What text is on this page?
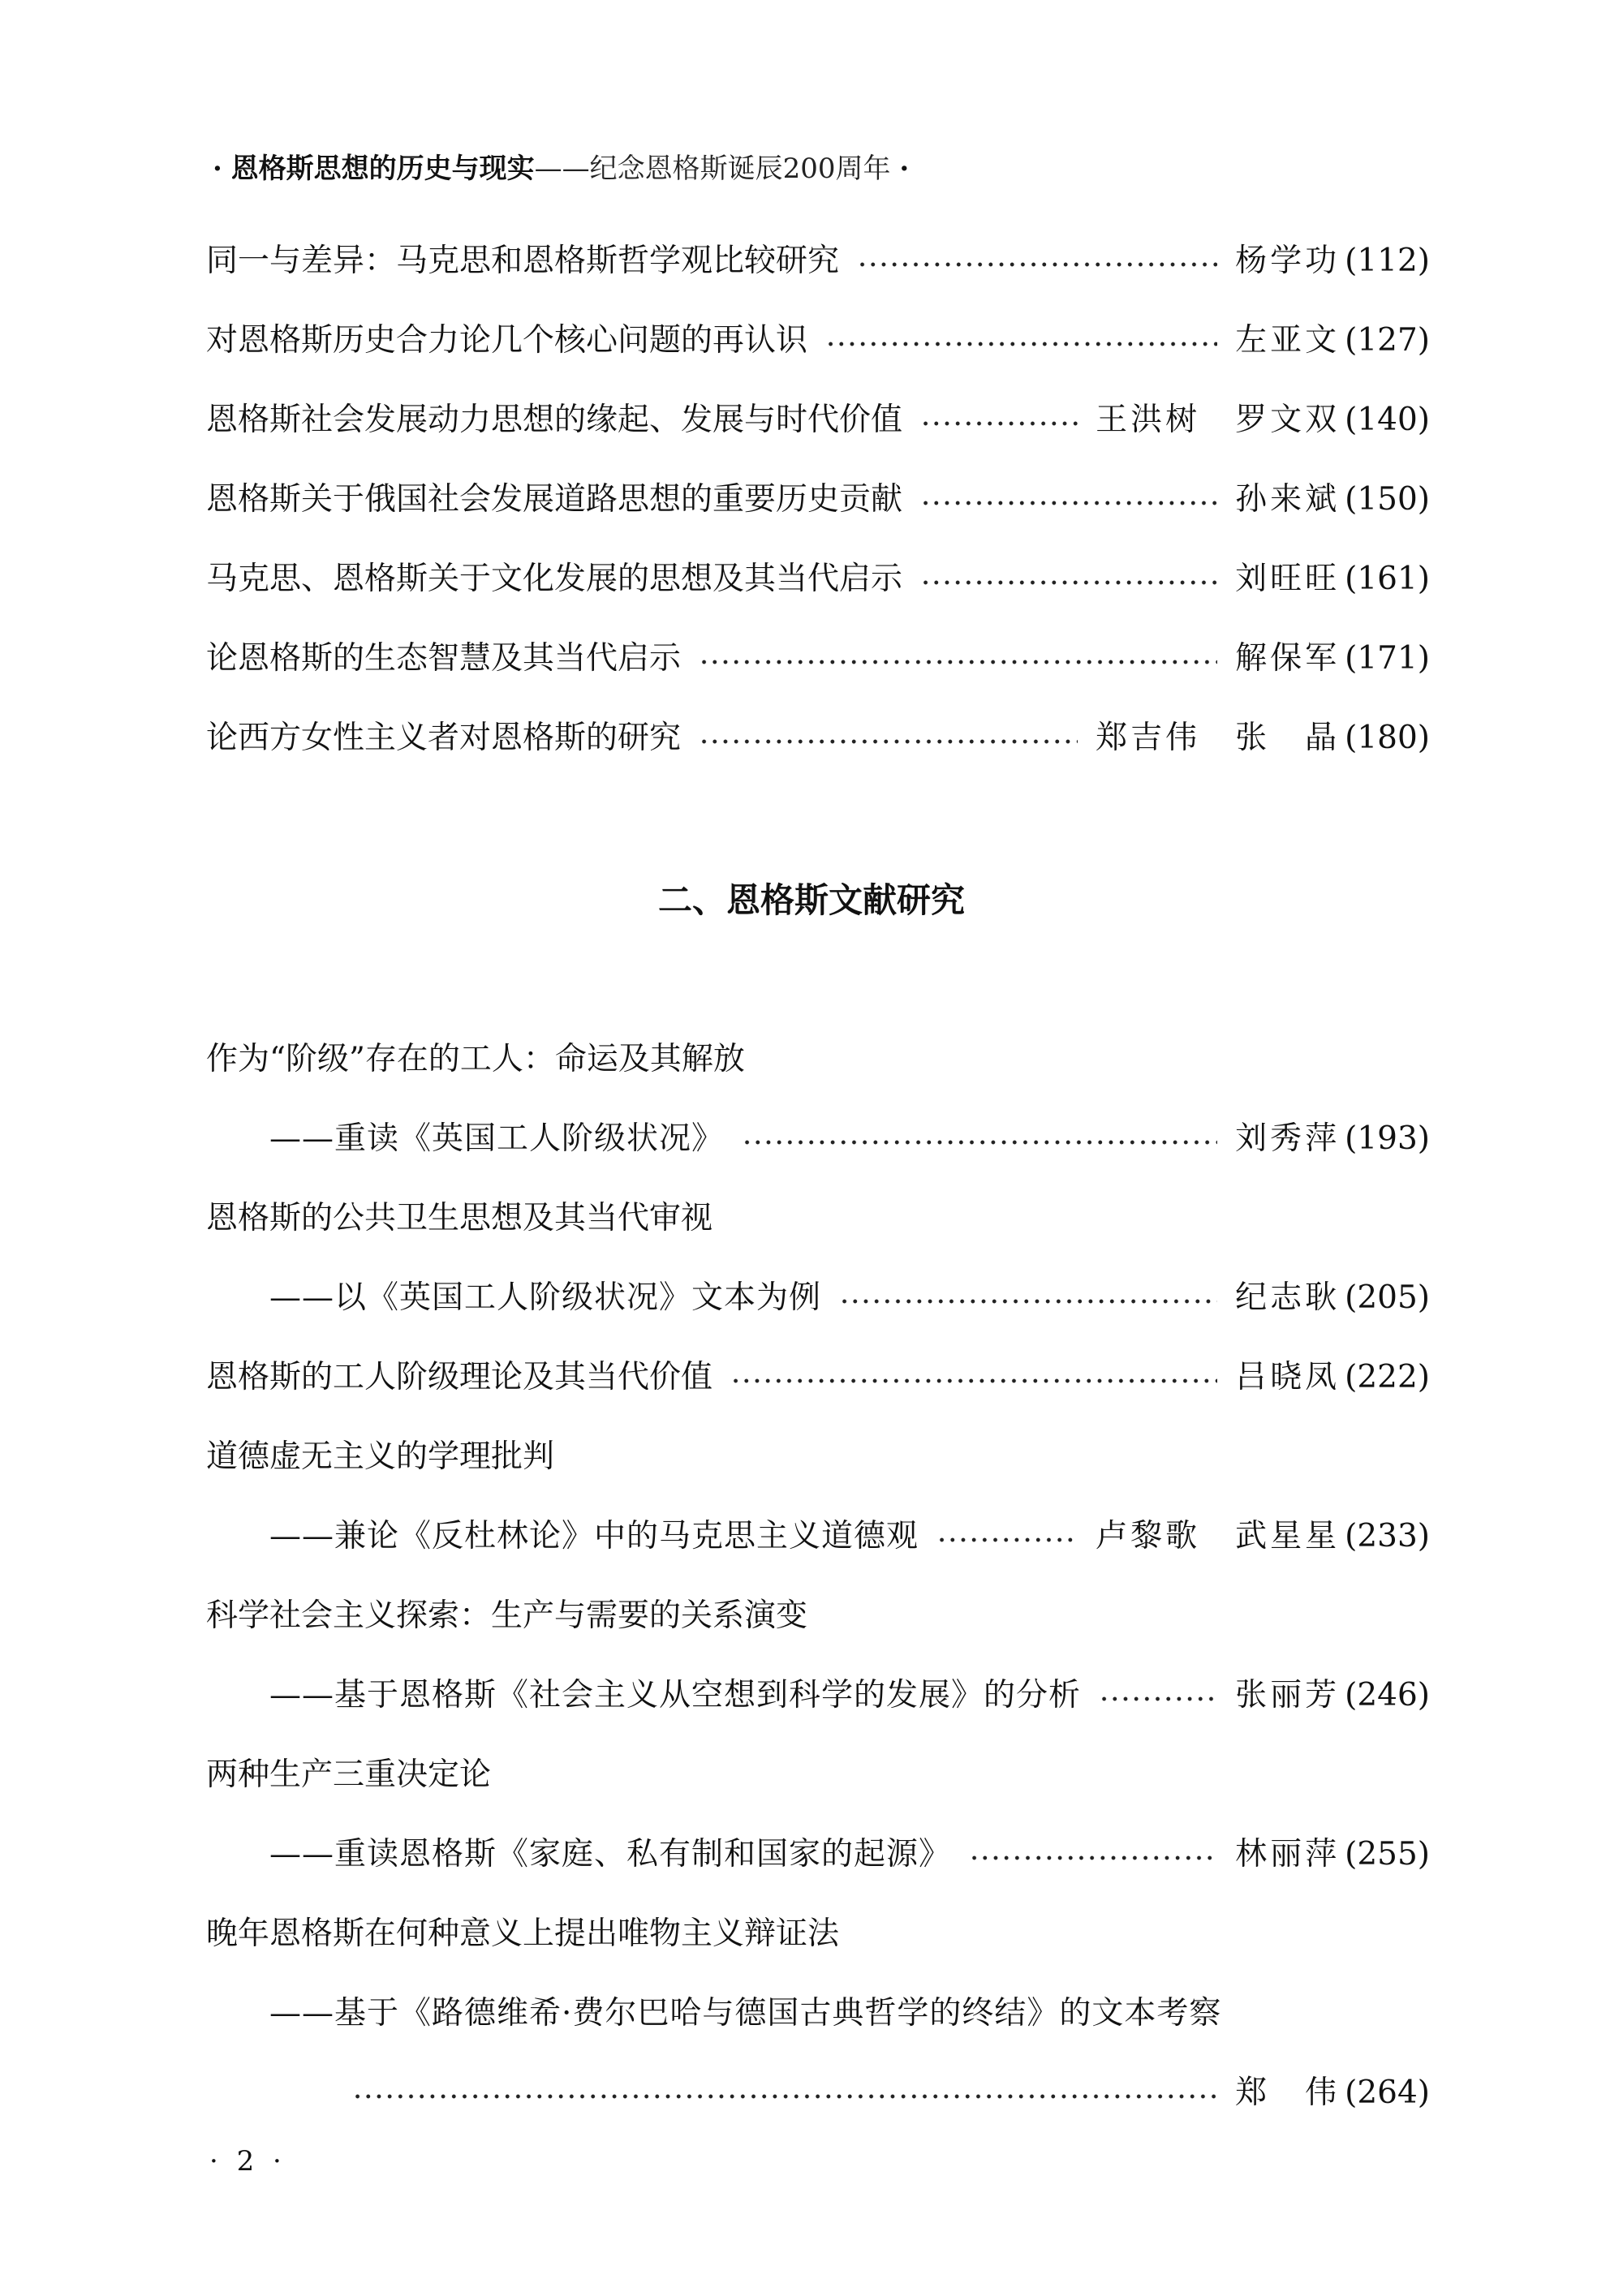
· 恩格斯思想的历史与现实——纪念恩格斯诞辰200周年 ·
同一与差异：马克思和恩格斯哲学观比较研究	杨学功 (112)
对恩格斯历史合力论几个核心问题的再认识	左亚文 (127)
恩格斯社会发展动力思想的缘起、发展与时代价值	王洪树　罗文双 (140)
恩格斯关于俄国社会发展道路思想的重要历史贡献	孙来斌 (150)
马克思、恩格斯关于文化发展的思想及其当代启示	刘旺旺 (161)
论恩格斯的生态智慧及其当代启示	解保军 (171)
论西方女性主义者对恩格斯的研究	郑吉伟　张　晶 (180)
作为“阶级”存在的工人：命运及其解放
——重读《英国工人阶级状况》	刘秀萍 (193)
恩格斯的公共卫生思想及其当代审视
——以《英国工人阶级状况》文本为例	纪志耿 (205)
恩格斯的工人阶级理论及其当代价值	吕晓凤 (222)
道德虚无主义的学理批判
——兼论《反杜林论》中的马克思主义道德观	卢黎歌　武星星 (233)
科学社会主义探索：生产与需要的关系演变
——基于恩格斯《社会主义从空想到科学的发展》的分析	张丽芳 (246)
两种生产三重决定论
——重读恩格斯《家庭、私有制和国家的起源》	林丽萍 (255)
晚年恩格斯在何种意义上提出唯物主义辩证法
——基于《路德维希·费尔巴哈与德国古典哲学的终结》的文本考察
郑　伟 (264)
二、恩格斯文献研究
· 2 ·
